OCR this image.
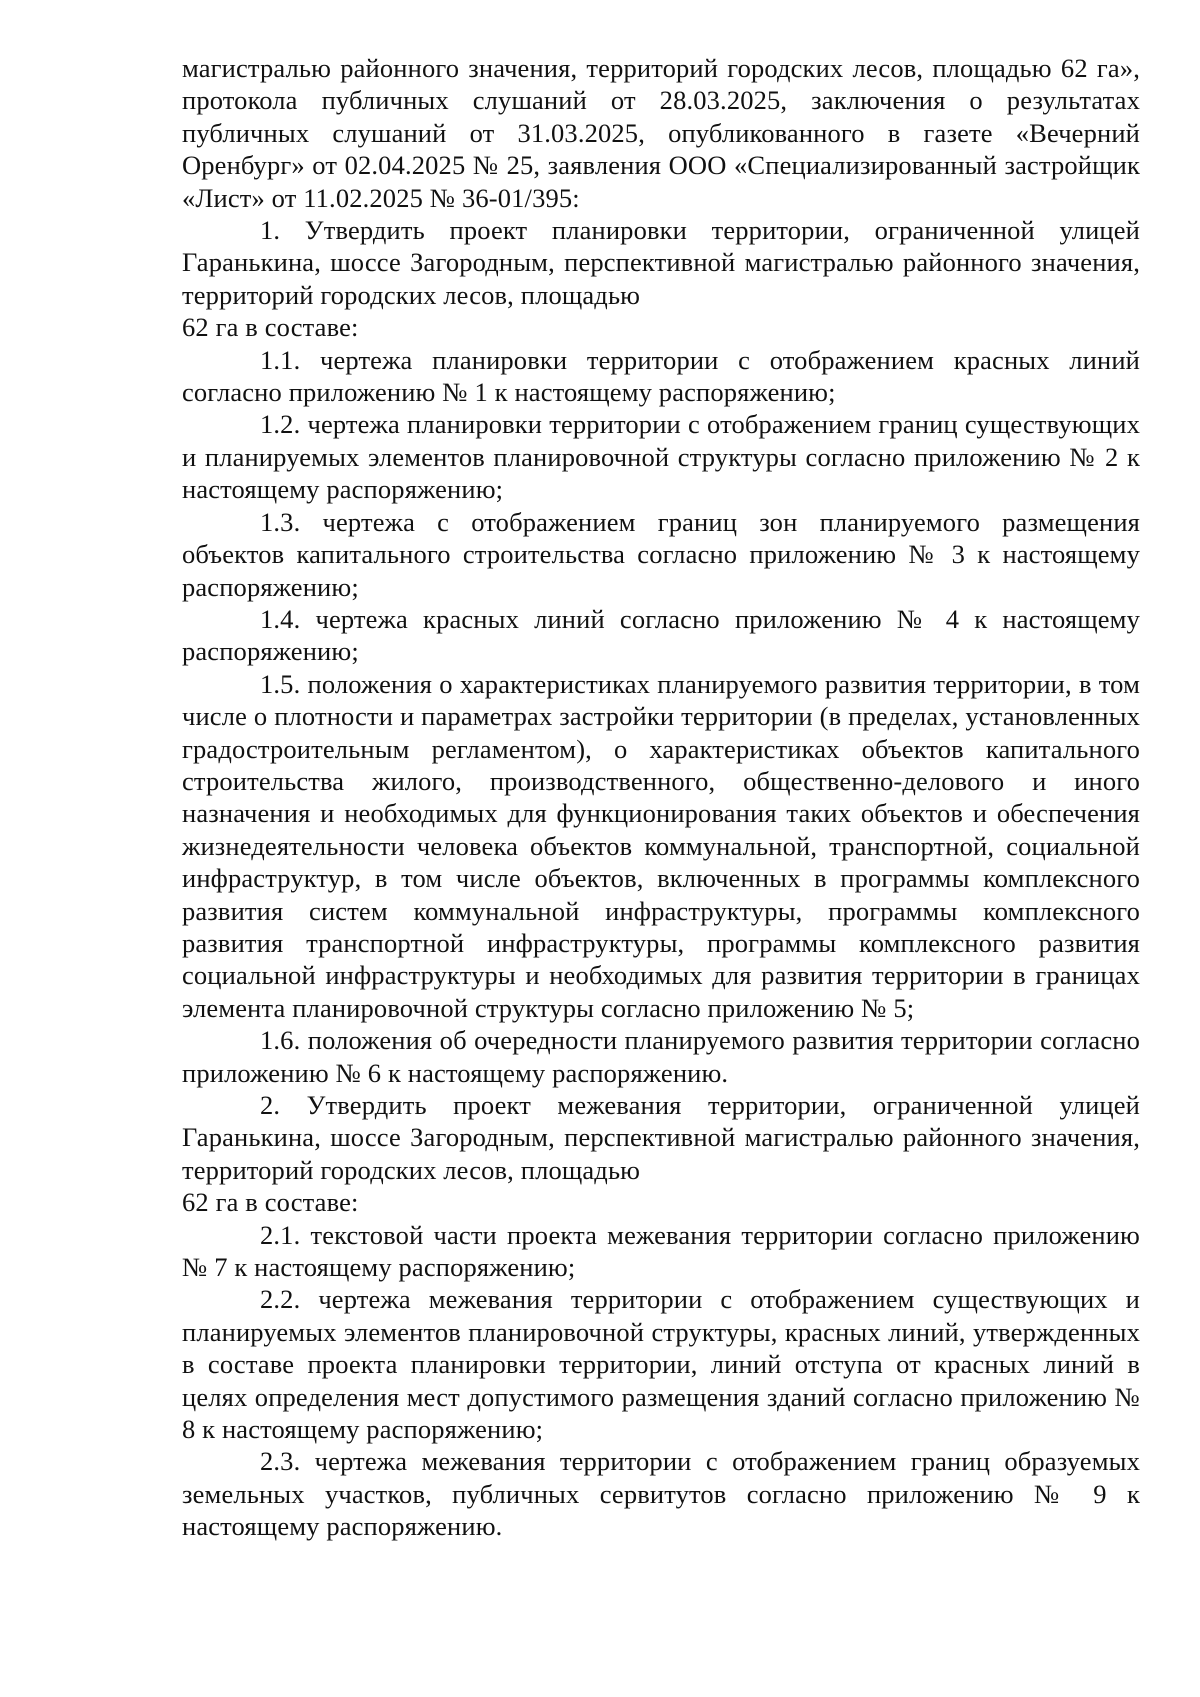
магистралью районного значения, территорий городских лесов, площадью 62 га», протокола публичных слушаний от 28.03.2025, заключения о результатах публичных слушаний от 31.03.2025, опубликованного в газете «Вечерний Оренбург» от 02.04.2025 № 25, заявления ООО «Специализированный застройщик «Лист» от 11.02.2025 № 36-01/395:

1. Утвердить проект планировки территории, ограниченной улицей Гаранькина, шоссе Загородным, перспективной магистралью районного значения, территорий городских лесов, площадью

62 га в составе:

1.1. чертежа планировки территории с отображением красных линий согласно приложению № 1 к настоящему распоряжению;

1.2. чертежа планировки территории с отображением границ существующих и планируемых элементов планировочной структуры согласно приложению № 2 к настоящему распоряжению;

1.3. чертежа с отображением границ зон планируемого размещения объектов капитального строительства согласно приложению № 3 к настоящему распоряжению;

1.4. чертежа красных линий согласно приложению № 4 к настоящему распоряжению;

1.5. положения о характеристиках планируемого развития территории, в том числе о плотности и параметрах застройки территории (в пределах, установленных градостроительным регламентом), о характеристиках объектов капитального строительства жилого, производственного, общественно-делового и иного назначения и необходимых для функционирования таких объектов и обеспечения жизнедеятельности человека объектов коммунальной, транспортной, социальной инфраструктур, в том числе объектов, включенных в программы комплексного развития систем коммунальной инфраструктуры, программы комплексного развития транспортной инфраструктуры, программы комплексного развития социальной инфраструктуры и необходимых для развития территории в границах элемента планировочной структуры согласно приложению № 5;

1.6. положения об очередности планируемого развития территории согласно приложению № 6 к настоящему распоряжению.

2. Утвердить проект межевания территории, ограниченной улицей Гаранькина, шоссе Загородным, перспективной магистралью районного значения, территорий городских лесов, площадью

62 га в составе:

2.1. текстовой части проекта межевания территории согласно приложению № 7 к настоящему распоряжению;

2.2. чертежа межевания территории с отображением существующих и планируемых элементов планировочной структуры, красных линий, утвержденных в составе проекта планировки территории, линий отступа от красных линий в целях определения мест допустимого размещения зданий согласно приложению № 8 к настоящему распоряжению;

2.3. чертежа межевания территории с отображением границ образуемых земельных участков, публичных сервитутов согласно приложению № 9 к настоящему распоряжению.
